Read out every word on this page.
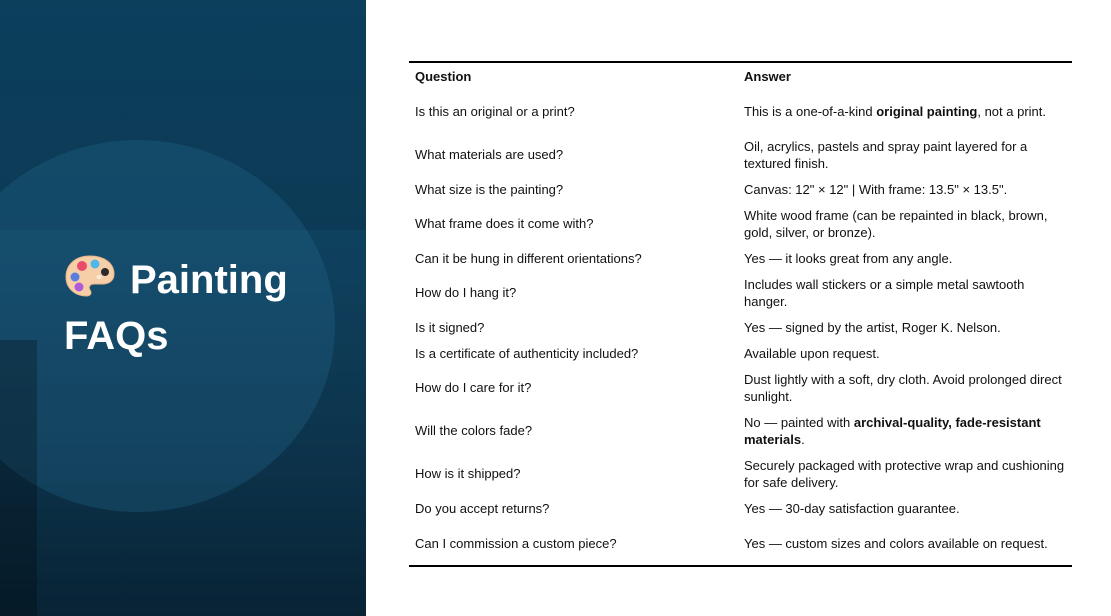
Painting FAQs
Question	Answer
Is this an original or a print?	This is a one-of-a-kind original painting, not a print.
What materials are used?	Oil, acrylics, pastels and spray paint layered for a textured finish.
What size is the painting?	Canvas: 12" × 12" | With frame: 13.5" × 13.5".
What frame does it come with?	White wood frame (can be repainted in black, brown, gold, silver, or bronze).
Can it be hung in different orientations?	Yes — it looks great from any angle.
How do I hang it?	Includes wall stickers or a simple metal sawtooth hanger.
Is it signed?	Yes — signed by the artist, Roger K. Nelson.
Is a certificate of authenticity included?	Available upon request.
How do I care for it?	Dust lightly with a soft, dry cloth. Avoid prolonged direct sunlight.
Will the colors fade?	No — painted with archival-quality, fade-resistant materials.
How is it shipped?	Securely packaged with protective wrap and cushioning for safe delivery.
Do you accept returns?	Yes — 30-day satisfaction guarantee.
Can I commission a custom piece?	Yes — custom sizes and colors available on request.
